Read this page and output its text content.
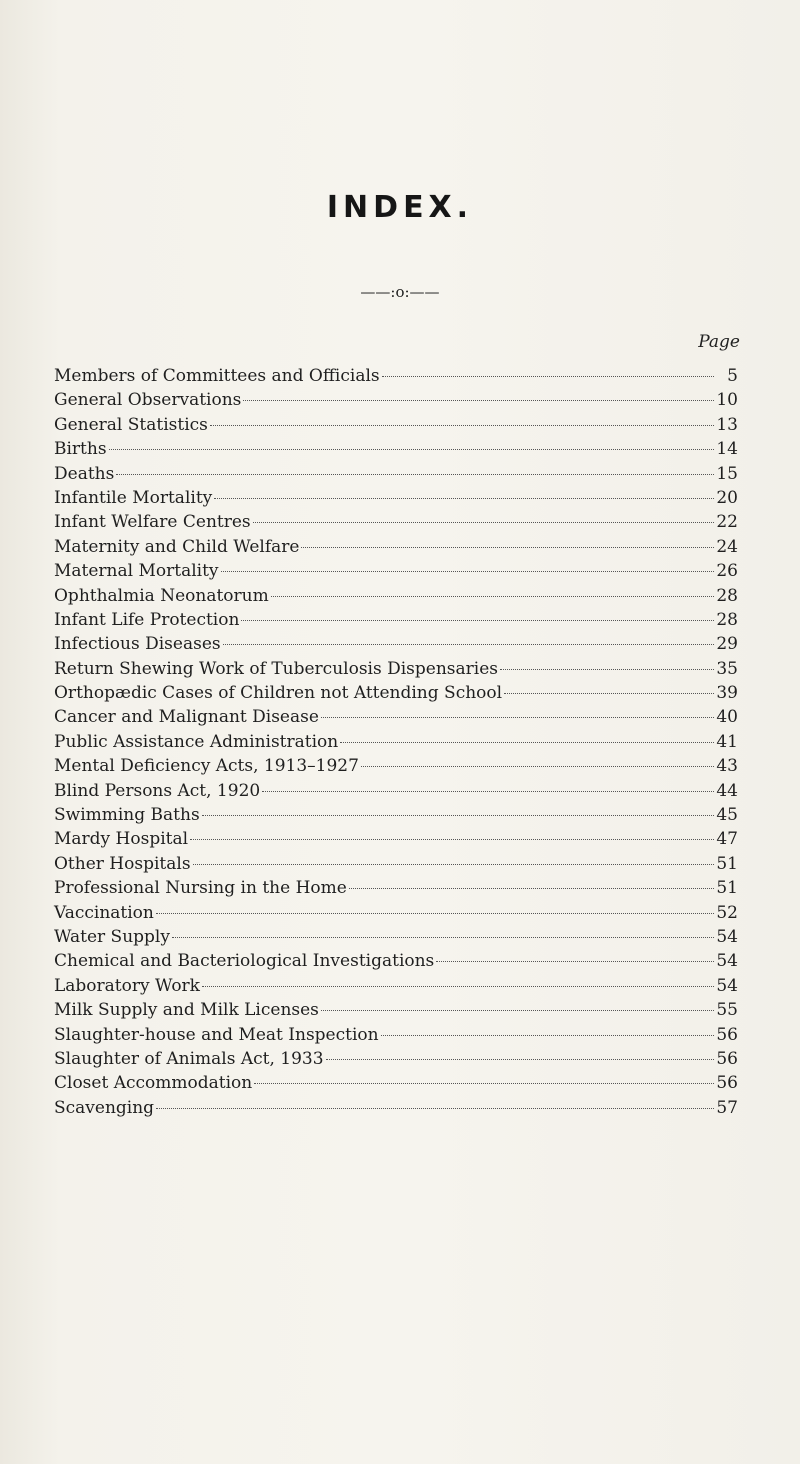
INDEX.
——:o:——
Page
Members of Committees and Officials	5
General Observations	10
General Statistics	13
Births	14
Deaths	15
Infantile Mortality	20
Infant Welfare Centres	22
Maternity and Child Welfare	24
Maternal Mortality	26
Ophthalmia Neonatorum	28
Infant Life Protection	28
Infectious Diseases	29
Return Shewing Work of Tuberculosis Dispensaries	35
Orthopædic Cases of Children not Attending School	39
Cancer and Malignant Disease	40
Public Assistance Administration	41
Mental Deficiency Acts, 1913–1927	43
Blind Persons Act, 1920	44
Swimming Baths	45
Mardy Hospital	47
Other Hospitals	51
Professional Nursing in the Home	51
Vaccination	52
Water Supply	54
Chemical and Bacteriological Investigations	54
Laboratory Work	54
Milk Supply and Milk Licenses	55
Slaughter-house and Meat Inspection	56
Slaughter of Animals Act, 1933	56
Closet Accommodation	56
Scavenging	57
